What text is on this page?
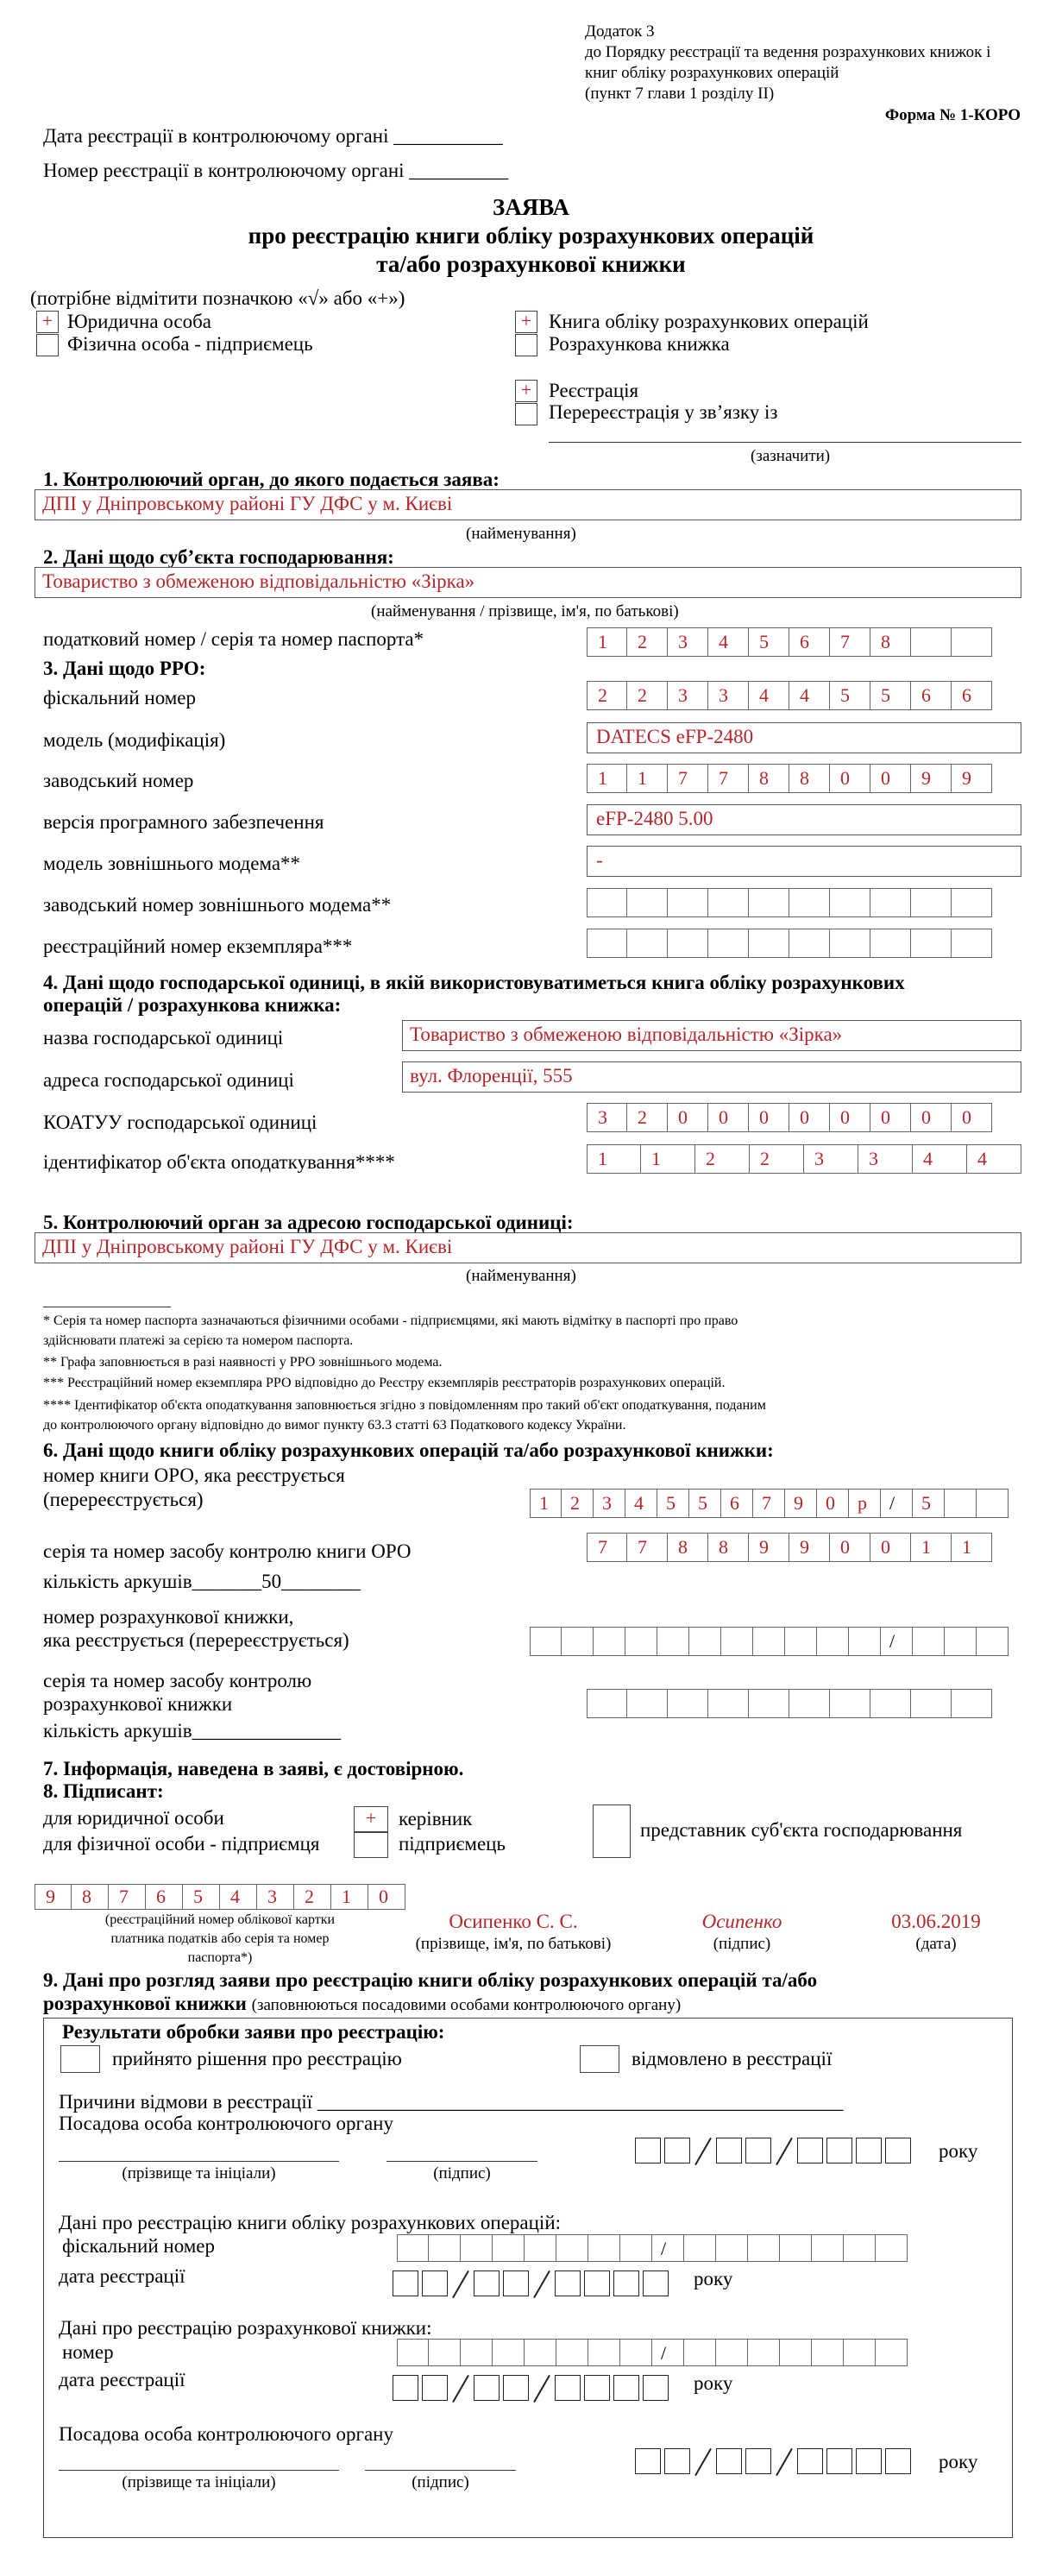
Додаток 3
до Порядку реєстрації та ведення розрахункових книжок і
книг обліку розрахункових операцій
(пункт 7 глави 1 розділу II)
Форма № 1-КОРО
Дата реєстрації в контролюючому органі ___________
Номер реєстрації в контролюючому органі __________
ЗАЯВА
про реєстрацію книги обліку розрахункових операцій
та/або розрахункової книжки
(потрібне відмітити позначкою «√» або «+»)
+ Юридична особа
Фізична особа - підприємець
+ Книга обліку розрахункових операцій
Розрахункова книжка
+ Реєстрація
Перереєстрація у зв’язку із
(зазначити)
1. Контролюючий орган, до якого подається заява:
ДПІ у Дніпровському районі ГУ ДФС у м. Києві
(найменування)
2. Дані щодо суб’єкта господарювання:
Товариство з обмеженою відповідальністю «Зірка»
(найменування / прізвище, ім'я, по батькові)
податковий номер / серія та номер паспорта*	1	2	3	4	5	6	7	8
3. Дані щодо РРО:
фіскальний номер	2	2	3	3	4	4	5	5	6	6
модель (модифікація)	DATECS eFP-2480
заводський номер	1	1	7	7	8	8	0	0	9	9
версія програмного забезпечення	eFP-2480 5.00
модель зовнішнього модема**	-
заводський номер зовнішнього модема**
реєстраційний номер екземпляра***
4. Дані щодо господарської одиниці, в якій використовуватиметься книга обліку розрахункових
операцій / розрахункова книжка:
назва господарської одиниці	Товариство з обмеженою відповідальністю «Зірка»
адреса господарської одиниці	вул. Флоренції, 555
КОАТУУ господарської одиниці	3	2	0	0	0	0	0	0	0	0
ідентифікатор об'єкта оподаткування****	1	1	2	2	3	3	4	4
5. Контролюючий орган за адресою господарської одиниці:
ДПІ у Дніпровському районі ГУ ДФС у м. Києві
(найменування)
* Серія та номер паспорта зазначаються фізичними особами - підприємцями, які мають відмітку в паспорті про право
здійснювати платежі за серією та номером паспорта.
** Графа заповнюється в разі наявності у РРО зовнішнього модема.
*** Реєстраційний номер екземпляра РРО відповідно до Реєстру екземплярів реєстраторів розрахункових операцій.
**** Ідентифікатор об'єкта оподаткування заповнюється згідно з повідомленням про такий об'єкт оподаткування, поданим
до контролюючого органу відповідно до вимог пункту 63.3 статті 63 Податкового кодексу України.
6. Дані щодо книги обліку розрахункових операцій та/або розрахункової книжки:
номер книги ОРО, яка реєструється
(перереєструється)	1	2	3	4	5	5	6	7	9	0	р	/	5
серія та номер засобу контролю книги ОРО	7	7	8	8	9	9	0	0	1	1
кількість аркушів_______50________
номер розрахункової книжки,
яка реєструється (перереєструється)	/
серія та номер засобу контролю
розрахункової книжки
кількість аркушів_______________
7. Інформація, наведена в заяві, є достовірною.
8. Підписант:
для юридичної особи
для фізичної особи - підприємця
+	керівник
підприємець
представник суб'єкта господарювання
9	8	7	6	5	4	3	2	1	0
(реєстраційний номер облікової картки
платника податків або серія та номер
паспорта*)
Осипенко С. С.
(прізвище, ім'я, по батькові)
Осипенко
(підпис)
03.06.2019
(дата)
9. Дані про розгляд заяви про реєстрацію книги обліку розрахункових операцій та/або
розрахункової книжки (заповнюються посадовими особами контролюючого органу)
Результати обробки заяви про реєстрацію:
прийнято рішення про реєстрацію	відмовлено в реєстрації
Причини відмови в реєстрації _____________________________________________________
Посадова особа контролюючого органу
(прізвище та ініціали)	(підпис)
року
Дані про реєстрацію книги обліку розрахункових операцій:
фіскальний номер	/
дата реєстрації	року
Дані про реєстрацію розрахункової книжки:
номер	/
дата реєстрації	року
Посадова особа контролюючого органу
(прізвище та ініціали)	(підпис)
року
